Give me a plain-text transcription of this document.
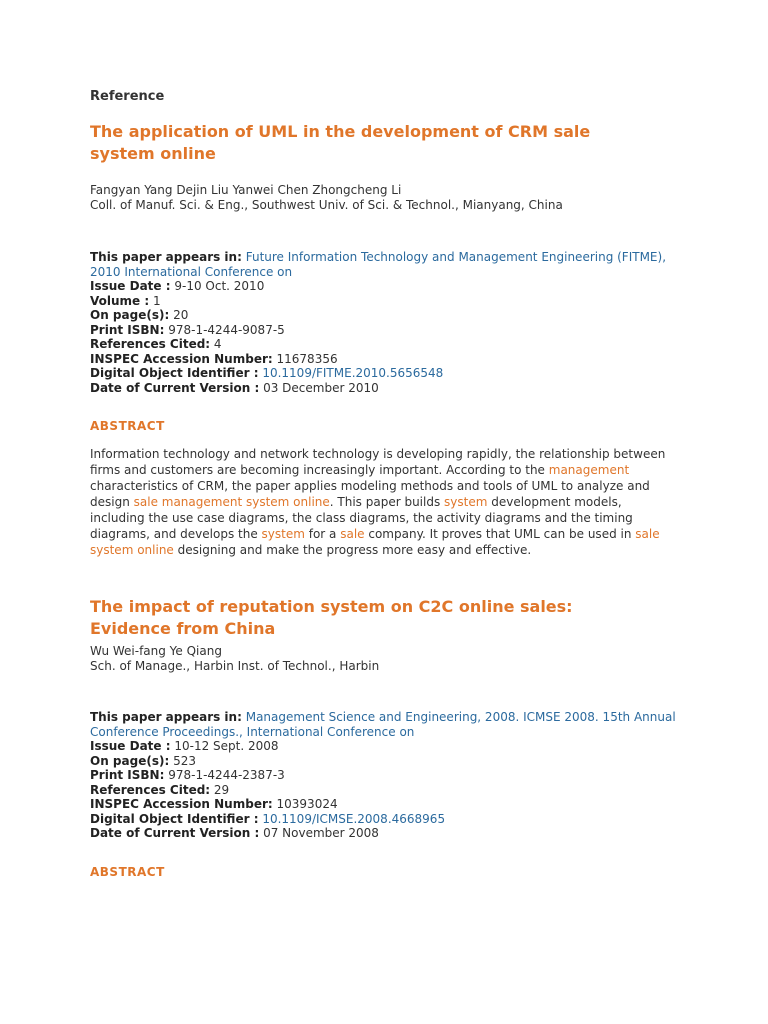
Reference
The application of UML in the development of CRM sale system online

Fangyan Yang Dejin Liu Yanwei Chen Zhongcheng Li

Coll. of Manuf. Sci. & Eng., Southwest Univ. of Sci. & Technol., Mianyang, China

This paper appears in: Future Information Technology and Management Engineering (FITME), 2010 International Conference on
Issue Date : 9-10 Oct. 2010
Volume : 1
On page(s): 20
Print ISBN: 978-1-4244-9087-5
References Cited: 4
INSPEC Accession Number: 11678356
Digital Object Identifier : 10.1109/FITME.2010.5656548
Date of Current Version : 03 December 2010

ABSTRACT

Information technology and network technology is developing rapidly, the relationship between firms and customers are becoming increasingly important. According to the management characteristics of CRM, the paper applies modeling methods and tools of UML to analyze and design sale management system online. This paper builds system development models, including the use case diagrams, the class diagrams, the activity diagrams and the timing diagrams, and develops the system for a sale company. It proves that UML can be used in sale system online designing and make the progress more easy and effective.

The impact of reputation system on C2C online sales: Evidence from China

Wu Wei-fang Ye Qiang

Sch. of Manage., Harbin Inst. of Technol., Harbin

This paper appears in: Management Science and Engineering, 2008. ICMSE 2008. 15th Annual Conference Proceedings., International Conference on
Issue Date : 10-12 Sept. 2008
On page(s): 523
Print ISBN: 978-1-4244-2387-3
References Cited: 29
INSPEC Accession Number: 10393024
Digital Object Identifier : 10.1109/ICMSE.2008.4668965
Date of Current Version : 07 November 2008

ABSTRACT
